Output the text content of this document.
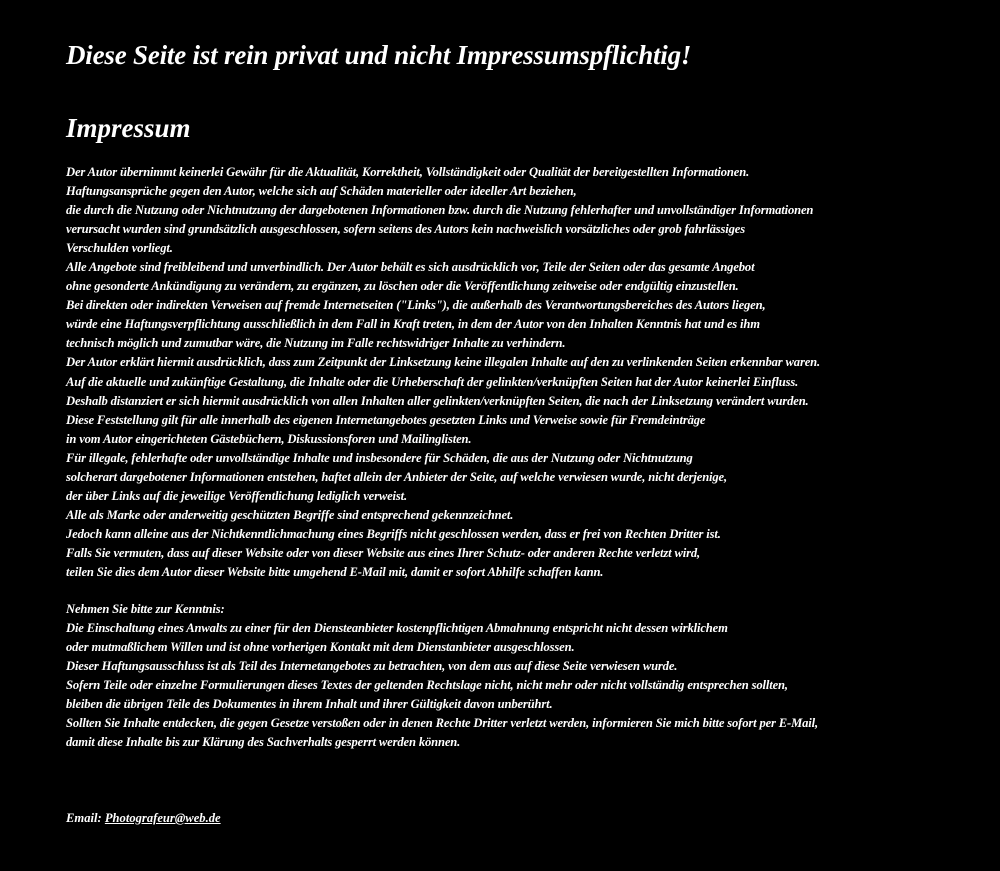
Diese Seite ist rein privat und nicht Impressumspflichtig!
Impressum
Der Autor übernimmt keinerlei Gewähr für die Aktualität, Korrektheit, Vollständigkeit oder Qualität der bereitgestellten Informationen.
Haftungsansprüche gegen den Autor, welche sich auf Schäden materieller oder ideeller Art beziehen,
die durch die Nutzung oder Nichtnutzung der dargebotenen Informationen bzw. durch die Nutzung fehlerhafter und unvollständiger Informationen
verursacht wurden sind grundsätzlich ausgeschlossen, sofern seitens des Autors kein nachweislich vorsätzliches oder grob fahrlässiges
Verschulden vorliegt.
Alle Angebote sind freibleibend und unverbindlich. Der Autor behält es sich ausdrücklich vor, Teile der Seiten oder das gesamte Angebot
ohne gesonderte Ankündigung zu verändern, zu ergänzen, zu löschen oder die Veröffentlichung zeitweise oder endgültig einzustellen.
Bei direkten oder indirekten Verweisen auf fremde Internetseiten ("Links"), die außerhalb des Verantwortungsbereiches des Autors liegen,
würde eine Haftungsverpflichtung ausschließlich in dem Fall in Kraft treten, in dem der Autor von den Inhalten Kenntnis hat und es ihm
technisch möglich und zumutbar wäre, die Nutzung im Falle rechtswidriger Inhalte zu verhindern.
Der Autor erklärt hiermit ausdrücklich, dass zum Zeitpunkt der Linksetzung keine illegalen Inhalte auf den zu verlinkenden Seiten erkennbar waren.
Auf die aktuelle und zukünftige Gestaltung, die Inhalte oder die Urheberschaft der gelinkten/verknüpften Seiten hat der Autor keinerlei Einfluss.
Deshalb distanziert er sich hiermit ausdrücklich von allen Inhalten aller gelinkten/verknüpften Seiten, die nach der Linksetzung verändert wurden.
Diese Feststellung gilt für alle innerhalb des eigenen Internetangebotes gesetzten Links und Verweise sowie für Fremdeinträge
in vom Autor eingerichteten Gästebüchern, Diskussionsforen und Mailinglisten.
Für illegale, fehlerhafte oder unvollständige Inhalte und insbesondere für Schäden, die aus der Nutzung oder Nichtnutzung
solcherart dargebotener Informationen entstehen, haftet allein der Anbieter der Seite, auf welche verwiesen wurde, nicht derjenige,
der über Links auf die jeweilige Veröffentlichung lediglich verweist.
Alle als Marke oder anderweitig geschützten Begriffe sind entsprechend gekennzeichnet.
Jedoch kann alleine aus der Nichtkenntlichmachung eines Begriffs nicht geschlossen werden, dass er frei von Rechten Dritter ist.
Falls Sie vermuten, dass auf dieser Website oder von dieser Website aus eines Ihrer Schutz- oder anderen Rechte verletzt wird,
teilen Sie dies dem Autor dieser Website bitte umgehend E-Mail mit, damit er sofort Abhilfe schaffen kann.
Nehmen Sie bitte zur Kenntnis:
Die Einschaltung eines Anwalts zu einer für den Diensteanbieter kostenpflichtigen Abmahnung entspricht nicht dessen wirklichem
oder mutmaßlichem Willen und ist ohne vorherigen Kontakt mit dem Dienstanbieter ausgeschlossen.
Dieser Haftungsausschluss ist als Teil des Internetangebotes zu betrachten, von dem aus auf diese Seite verwiesen wurde.
Sofern Teile oder einzelne Formulierungen dieses Textes der geltenden Rechtslage nicht, nicht mehr oder nicht vollständig entsprechen sollten,
bleiben die übrigen Teile des Dokumentes in ihrem Inhalt und ihrer Gültigkeit davon unberührt.
Sollten Sie Inhalte entdecken, die gegen Gesetze verstoßen oder in denen Rechte Dritter verletzt werden, informieren Sie mich bitte sofort per E-Mail,
damit diese Inhalte bis zur Klärung des Sachverhalts gesperrt werden können.
Email: Photografeur@web.de
